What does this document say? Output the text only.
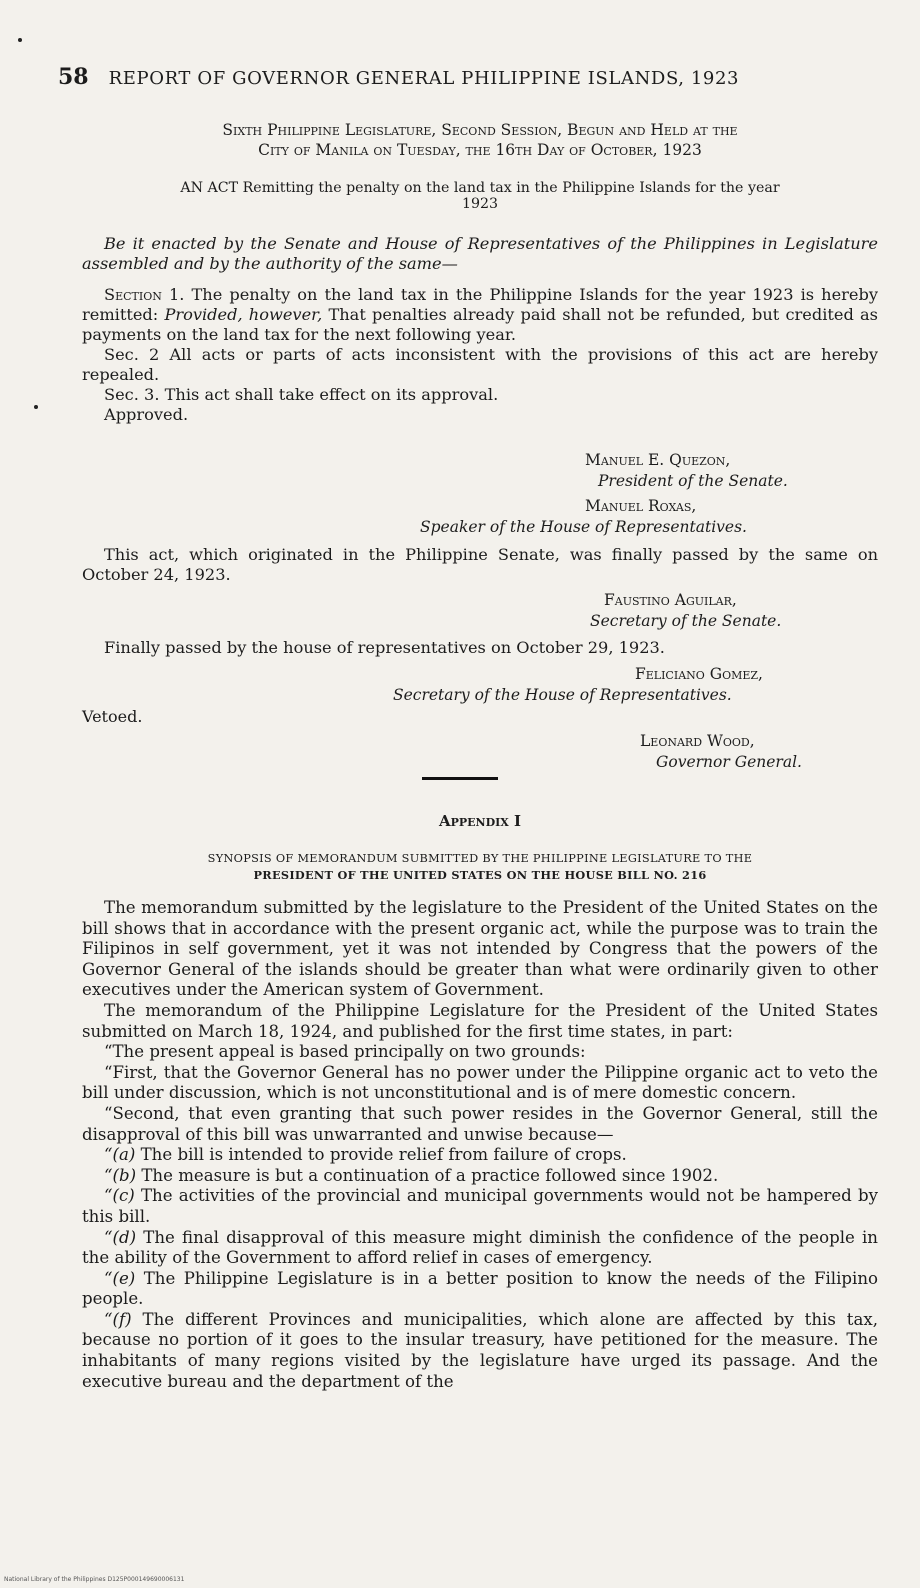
58 REPORT OF GOVERNOR GENERAL PHILIPPINE ISLANDS, 1923
Sixth Philippine Legislature, Second Session, Begun and Held at the
City of Manila on Tuesday, the 16th Day of October, 1923
AN ACT Remitting the penalty on the land tax in the Philippine Islands for the year
1923

Be it enacted by the Senate and House of Representatives of the Philippines in Legislature assembled and by the authority of the same—

Section 1. The penalty on the land tax in the Philippine Islands for the year 1923 is hereby remitted: Provided, however, That penalties already paid shall not be refunded, but credited as payments on the land tax for the next following year.

Sec. 2 All acts or parts of acts inconsistent with the provisions of this act are hereby repealed.

Sec. 3. This act shall take effect on its approval.

Approved.

Manuel E. Quezon,
President of the Senate.
Manuel Roxas,
Speaker of the House of Representatives.

This act, which originated in the Philippine Senate, was finally passed by the same on October 24, 1923.

Faustino Aguilar,
Secretary of the Senate.

Finally passed by the house of representatives on October 29, 1923.

Feliciano Gomez,
Secretary of the House of Representatives.
Vetoed.
Leonard Wood,
Governor General.
Appendix I
SYNOPSIS OF MEMORANDUM SUBMITTED BY THE PHILIPPINE LEGISLATURE TO THE
PRESIDENT OF THE UNITED STATES ON THE HOUSE BILL NO. 216

The memorandum submitted by the legislature to the President of the United States on the bill shows that in accordance with the present organic act, while the purpose was to train the Filipinos in self government, yet it was not intended by Congress that the powers of the Governor General of the islands should be greater than what were ordinarily given to other executives under the American system of Government.

The memorandum of the Philippine Legislature for the President of the United States submitted on March 18, 1924, and published for the first time states, in part:

“The present appeal is based principally on two grounds:

“First, that the Governor General has no power under the Pilippine organic act to veto the bill under discussion, which is not unconstitutional and is of mere domestic concern.

“Second, that even granting that such power resides in the Governor General, still the disapproval of this bill was unwarranted and unwise because—

“(a) The bill is intended to provide relief from failure of crops.

“(b) The measure is but a continuation of a practice followed since 1902.

“(c) The activities of the provincial and municipal governments would not be hampered by this bill.

“(d) The final disapproval of this measure might diminish the confidence of the people in the ability of the Government to afford relief in cases of emergency.

“(e) The Philippine Legislature is in a better position to know the needs of the Filipino people.

“(f) The different Provinces and municipalities, which alone are affected by this tax, because no portion of it goes to the insular treasury, have petitioned for the measure. The inhabitants of many regions visited by the legislature have urged its passage. And the executive bureau and the department of the

National Library of the Philippines D125P000149690006131
